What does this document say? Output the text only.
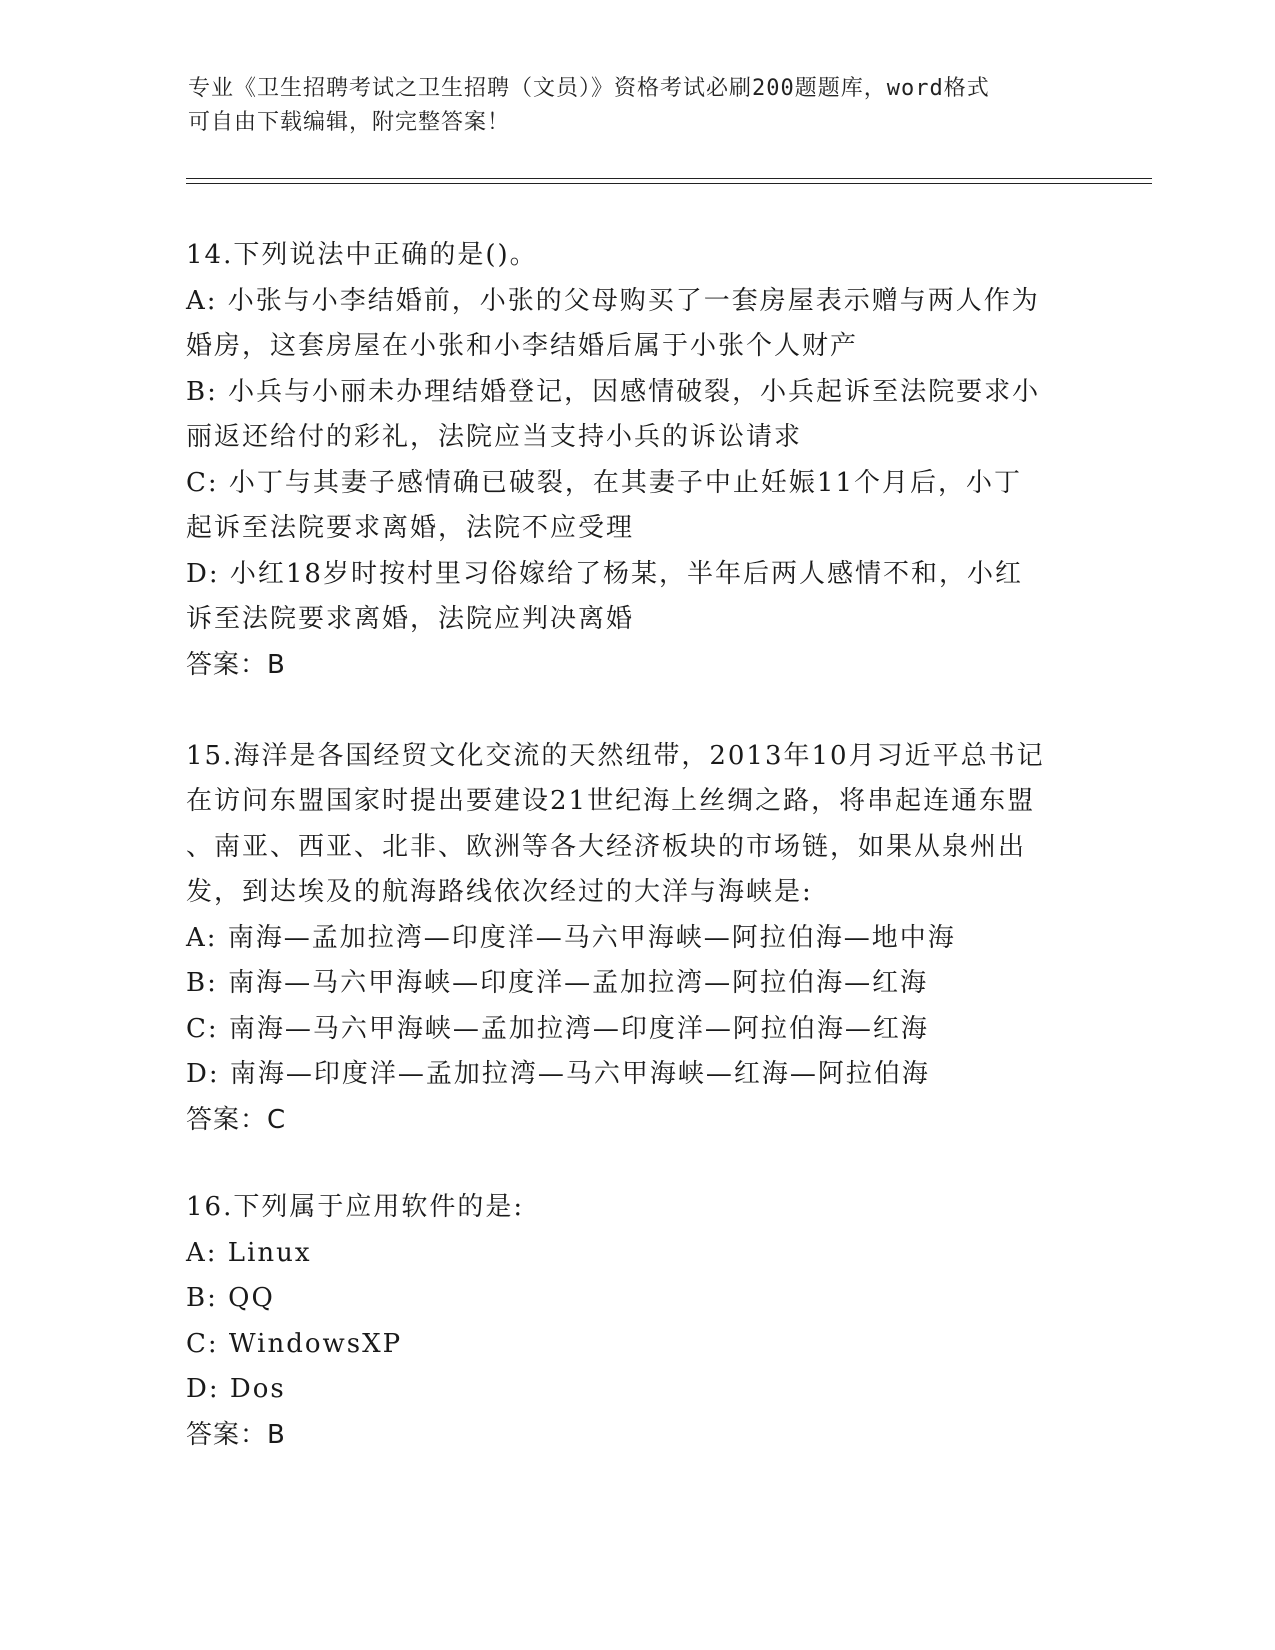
专业《卫生招聘考试之卫生招聘（文员）》资格考试必刷200题题库，word格式
可自由下载编辑，附完整答案！
14.下列说法中正确的是()。
A: 小张与小李结婚前，小张的父母购买了一套房屋表示赠与两人作为
婚房，这套房屋在小张和小李结婚后属于小张个人财产
B: 小兵与小丽未办理结婚登记，因感情破裂，小兵起诉至法院要求小
丽返还给付的彩礼，法院应当支持小兵的诉讼请求
C: 小丁与其妻子感情确已破裂，在其妻子中止妊娠11个月后，小丁
起诉至法院要求离婚，法院不应受理
D: 小红18岁时按村里习俗嫁给了杨某，半年后两人感情不和，小红
诉至法院要求离婚，法院应判决离婚
答案：B
15.海洋是各国经贸文化交流的天然纽带，2013年10月习近平总书记
在访问东盟国家时提出要建设21世纪海上丝绸之路，将串起连通东盟
、南亚、西亚、北非、欧洲等各大经济板块的市场链，如果从泉州出
发，到达埃及的航海路线依次经过的大洋与海峡是:
A: 南海—孟加拉湾—印度洋—马六甲海峡—阿拉伯海—地中海
B: 南海—马六甲海峡—印度洋—孟加拉湾—阿拉伯海—红海
C: 南海—马六甲海峡—孟加拉湾—印度洋—阿拉伯海—红海
D: 南海—印度洋—孟加拉湾—马六甲海峡—红海—阿拉伯海
答案：C
16.下列属于应用软件的是:
A: Linux
B: QQ
C: WindowsXP
D: Dos
答案：B
